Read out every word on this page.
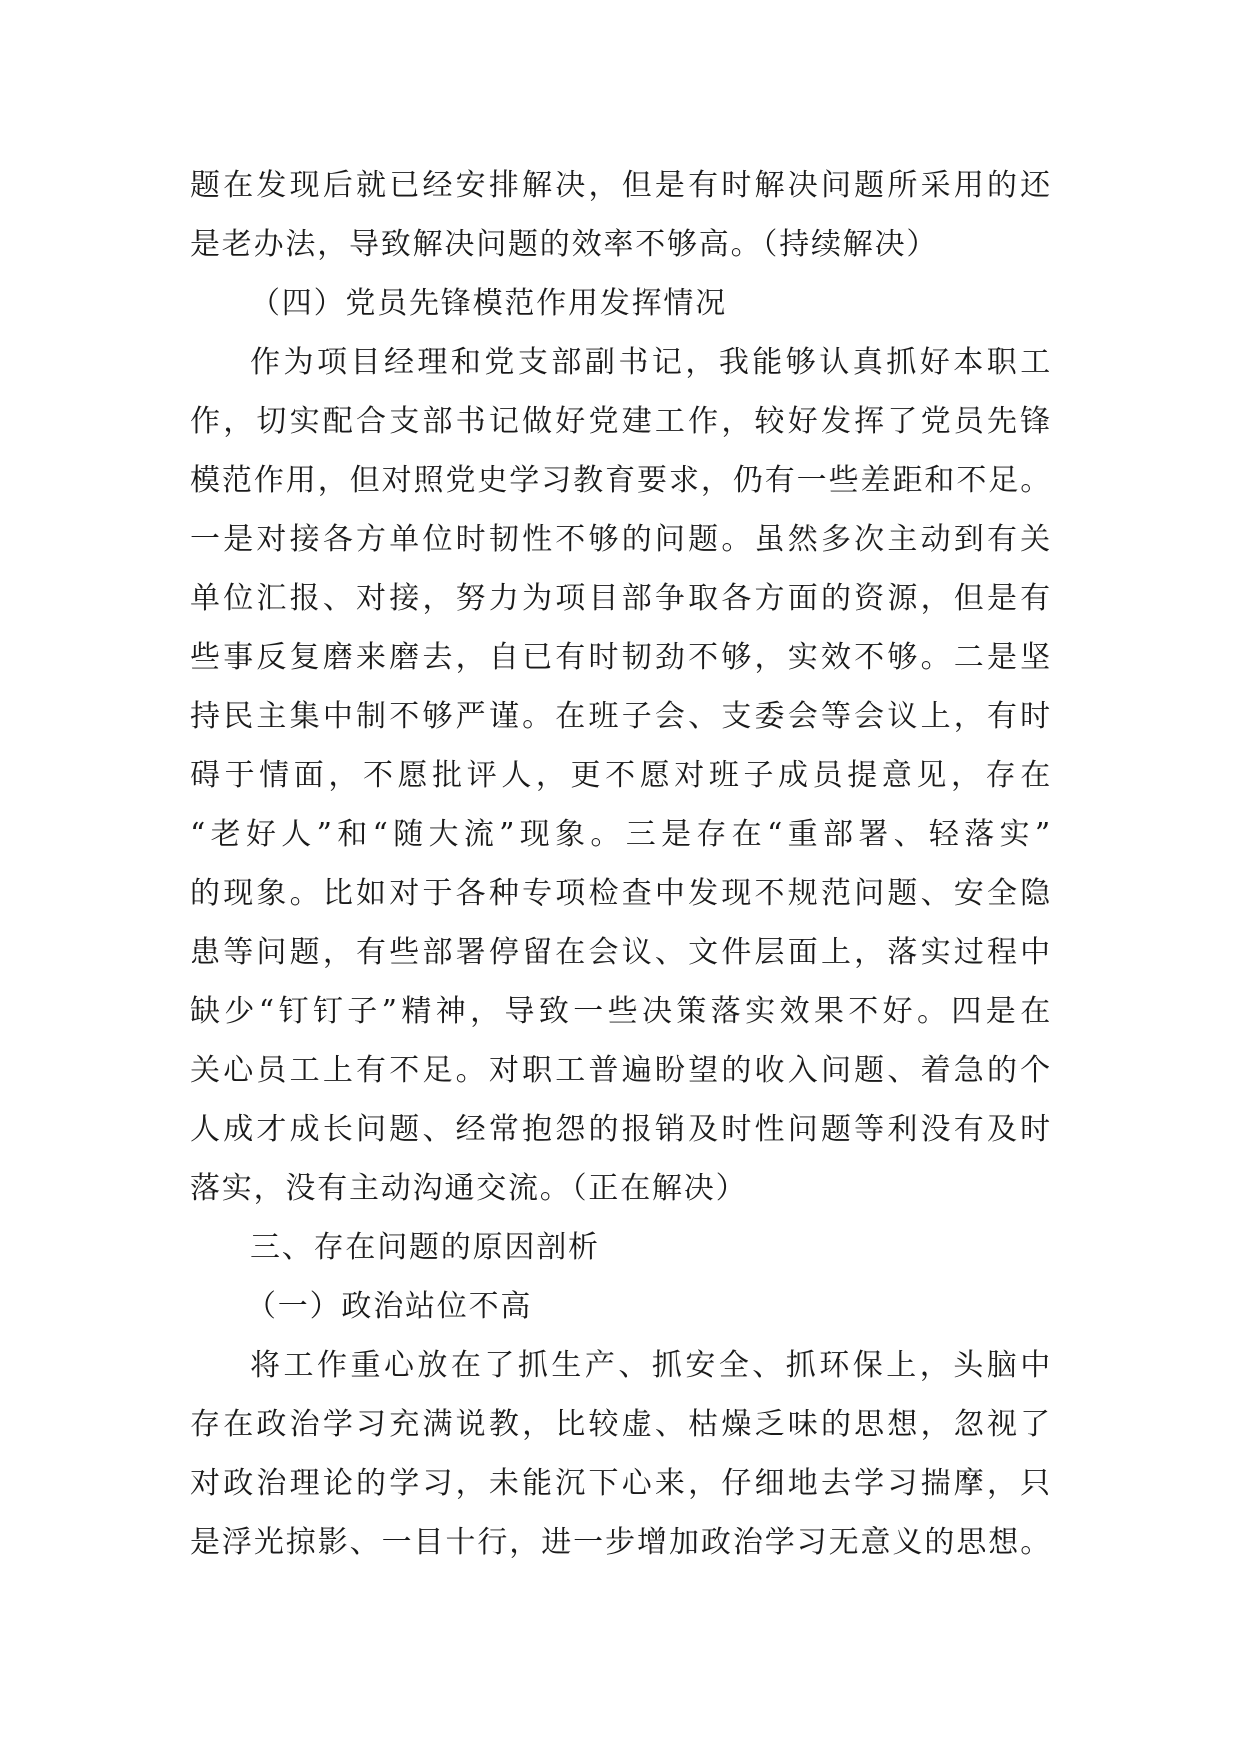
题在发现后就已经安排解决，但是有时解决问题所采用的还
是老办法，导致解决问题的效率不够高。（持续解决）
（四）党员先锋模范作用发挥情况
作为项目经理和党支部副书记，我能够认真抓好本职工
作，切实配合支部书记做好党建工作，较好发挥了党员先锋
模范作用，但对照党史学习教育要求，仍有一些差距和不足。
一是对接各方单位时韧性不够的问题。虽然多次主动到有关
单位汇报、对接，努力为项目部争取各方面的资源，但是有
些事反复磨来磨去，自已有时韧劲不够，实效不够。二是坚
持民主集中制不够严谨。在班子会、支委会等会议上，有时
碍于情面，不愿批评人，更不愿对班子成员提意见，存在
“老好人”和“随大流”现象。三是存在“重部署、轻落实”
的现象。比如对于各种专项检查中发现不规范问题、安全隐
患等问题，有些部署停留在会议、文件层面上，落实过程中
缺少“钉钉子”精神，导致一些决策落实效果不好。四是在
关心员工上有不足。对职工普遍盼望的收入问题、着急的个
人成才成长问题、经常抱怨的报销及时性问题等利没有及时
落实，没有主动沟通交流。（正在解决）
三、存在问题的原因剖析
（一）政治站位不高
将工作重心放在了抓生产、抓安全、抓环保上，头脑中
存在政治学习充满说教，比较虚、枯燥乏味的思想，忽视了
对政治理论的学习，未能沉下心来，仔细地去学习揣摩，只
是浮光掠影、一目十行，进一步增加政治学习无意义的思想。
